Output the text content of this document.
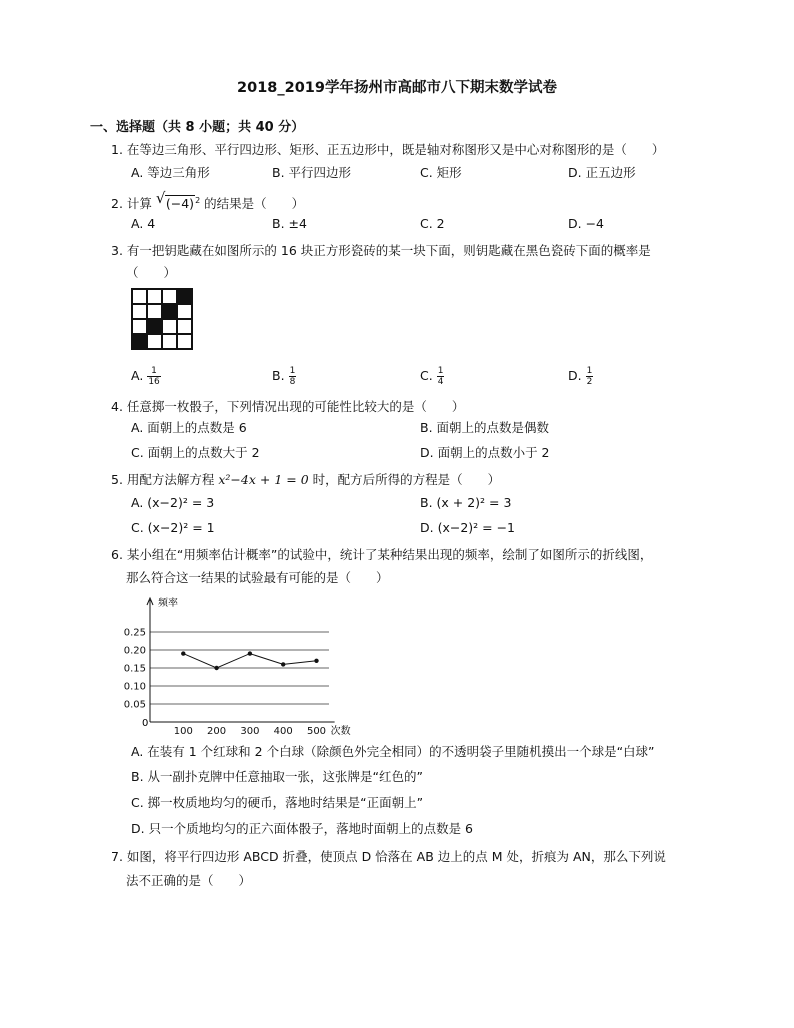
2018_2019学年扬州市高邮市八下期末数学试卷
一、选择题（共 8 小题；共 40 分）
1. 在等边三角形、平行四边形、矩形、正五边形中，既是轴对称图形又是中心对称图形的是（　　）
A. 等边三角形	B. 平行四边形	C. 矩形	D. 正五边形
2. 计算 √ $(-4)^2$ 的结果是（　　）
A. 4	B. ±4	C. 2	D. −4
3. 有一把钥匙藏在如图所示的 16 块正方形瓷砖的某一块下面，则钥匙藏在黑色瓷砖下面的概率是
（　　）
A. $\frac{1}{16}$	B. $\frac{1}{8}$	C. $\frac{1}{4}$	D. $\frac{1}{2}$
4. 任意掷一枚骰子，下列情况出现的可能性比较大的是（　　）
A. 面朝上的点数是 6	B. 面朝上的点数是偶数
C. 面朝上的点数大于 2	D. 面朝上的点数小于 2
5. 用配方法解方程 x²−4x + 1 = 0 时，配方后所得的方程是（　　）
A. (x−2)² = 3	B. (x + 2)² = 3
C. (x−2)² = 1	D. (x−2)² = −1
6. 某小组在“用频率估计概率”的试验中，统计了某种结果出现的频率，绘制了如图所示的折线图，
那么符合这一结果的试验最有可能的是（　　）
0.05
0.10
0.15
0.20
0.25
100 200 300 400 500
频率
次数
0
A. 在装有 1 个红球和 2 个白球（除颜色外完全相同）的不透明袋子里随机摸出一个球是“白球”
B. 从一副扑克牌中任意抽取一张，这张牌是“红色的”
C. 掷一枚质地均匀的硬币，落地时结果是“正面朝上”
D. 只一个质地均匀的正六面体骰子，落地时面朝上的点数是 6
7. 如图，将平行四边形 ABCD 折叠，使顶点 D 恰落在 AB 边上的点 M 处，折痕为 AN，那么下列说
法不正确的是（　　）
